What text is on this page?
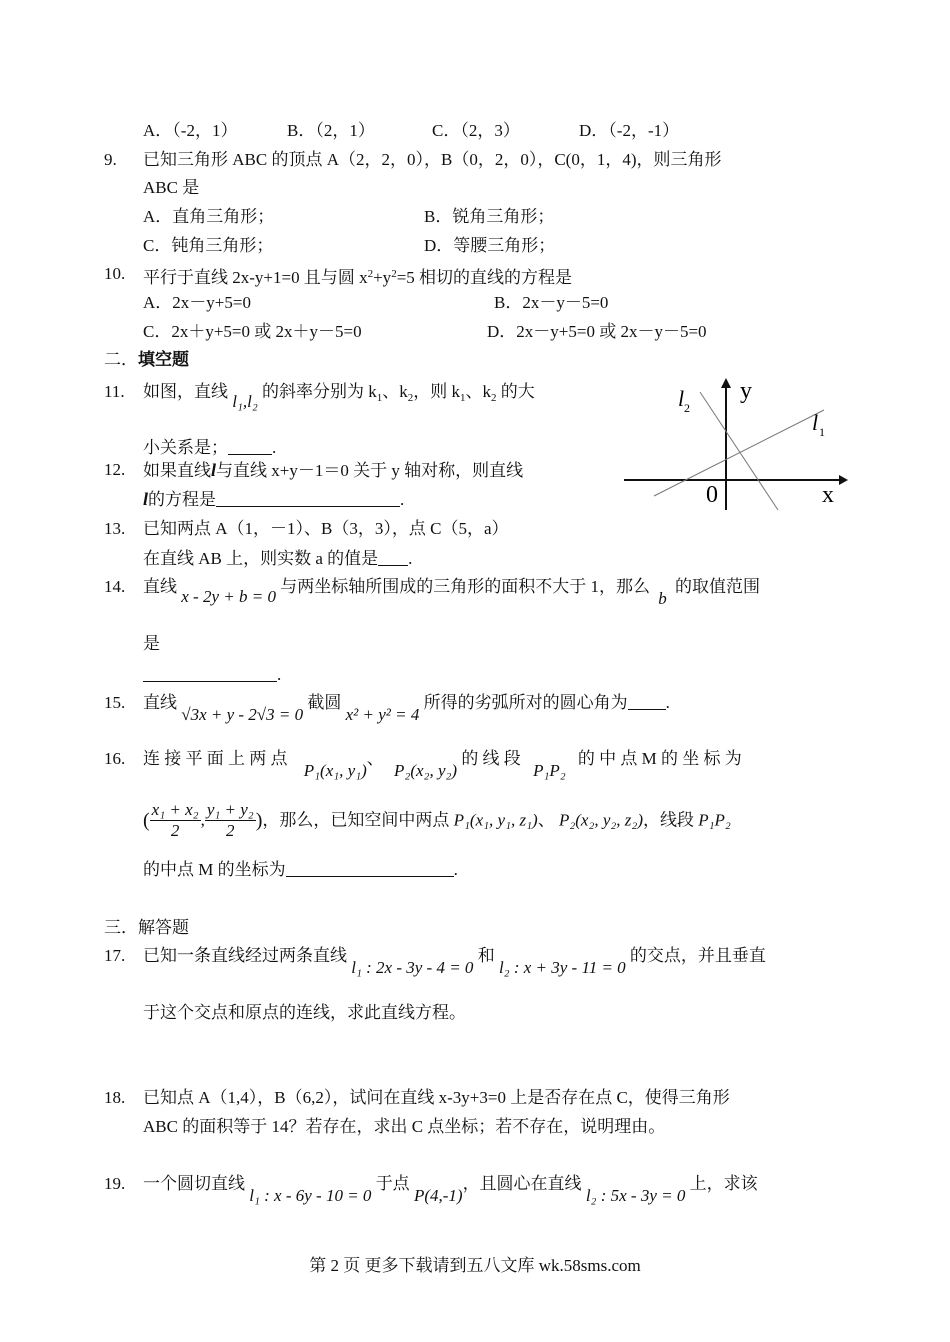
A．（-2，1）	B．（2，1）	C．（2，3）	D．（-2，-1）
9. 已知三角形 ABC 的顶点 A（2，2，0），B（0，2，0），C(0，1，4)，则三角形
ABC 是
A．直角三角形；	B．锐角三角形；
C．钝角三角形；	D．等腰三角形；
10. 平行于直线 2x-y+1=0 且与圆 $x^2+y^2=5$ 相切的直线的方程是
A．2x－y+5=0	B．2x－y－5=0
C．2x＋y+5=0 或 2x＋y－5=0	D．2x－y+5=0 或 2x－y－5=0
二．填空题
11. 如图，直线 l₁,l₂ 的斜率分别为 $k_1$、$k_2$，则 $k_1$、$k_2$ 的大
小关系是；	.
y
x
0
l 2
l 1
12. 如果直线l与直线 x+y－1＝0 关于 y 轴对称，则直线
l的方程是	.
13. 已知两点 A（1，－1）、B（3，3），点 C（5，a）
在直线 AB 上，则实数 a 的值是 .
14. 直线 x - 2y + b = 0 与两坐标轴所围成的三角形的面积不大于 1，那么 b 的取值范围
是
.
15. 直线 √3x + y - 2√3 = 0 截圆 x² + y² = 4 所得的劣弧所对的圆心角为 .
16. 连 接 平 面 上 两 点 P₁(x₁, y₁)、 P₂(x₂, y₂) 的 线 段 P₁P₂ 的 中 点 M 的 坐 标 为
( $\frac{\text{x₁ + x₂}}{2}$ , $\frac{\text{y₁ + y₂}}{2}$ )，那么，已知空间中两点 P₁(x₁, y₁, z₁)、 P₂(x₂, y₂, z₂)，线段 P₁P₂
的中点 M 的坐标为	.
三．解答题
17. 已知一条直线经过两条直线 l₁ : 2x - 3y - 4 = 0 和 l₂ : x + 3y - 11 = 0 的交点，并且垂直
于这个交点和原点的连线，求此直线方程。
18. 已知点 A（1,4），B（6,2），试问在直线 x-3y+3=0 上是否存在点 C，使得三角形
ABC 的面积等于 14？若存在，求出 C 点坐标；若不存在，说明理由。
19. 一个圆切直线 l₁ : x - 6y - 10 = 0 于点 P(4,-1)，且圆心在直线 l₂ : 5x - 3y = 0 上，求该
第 2 页 更多下载请到五八文库 wk.58sms.com
